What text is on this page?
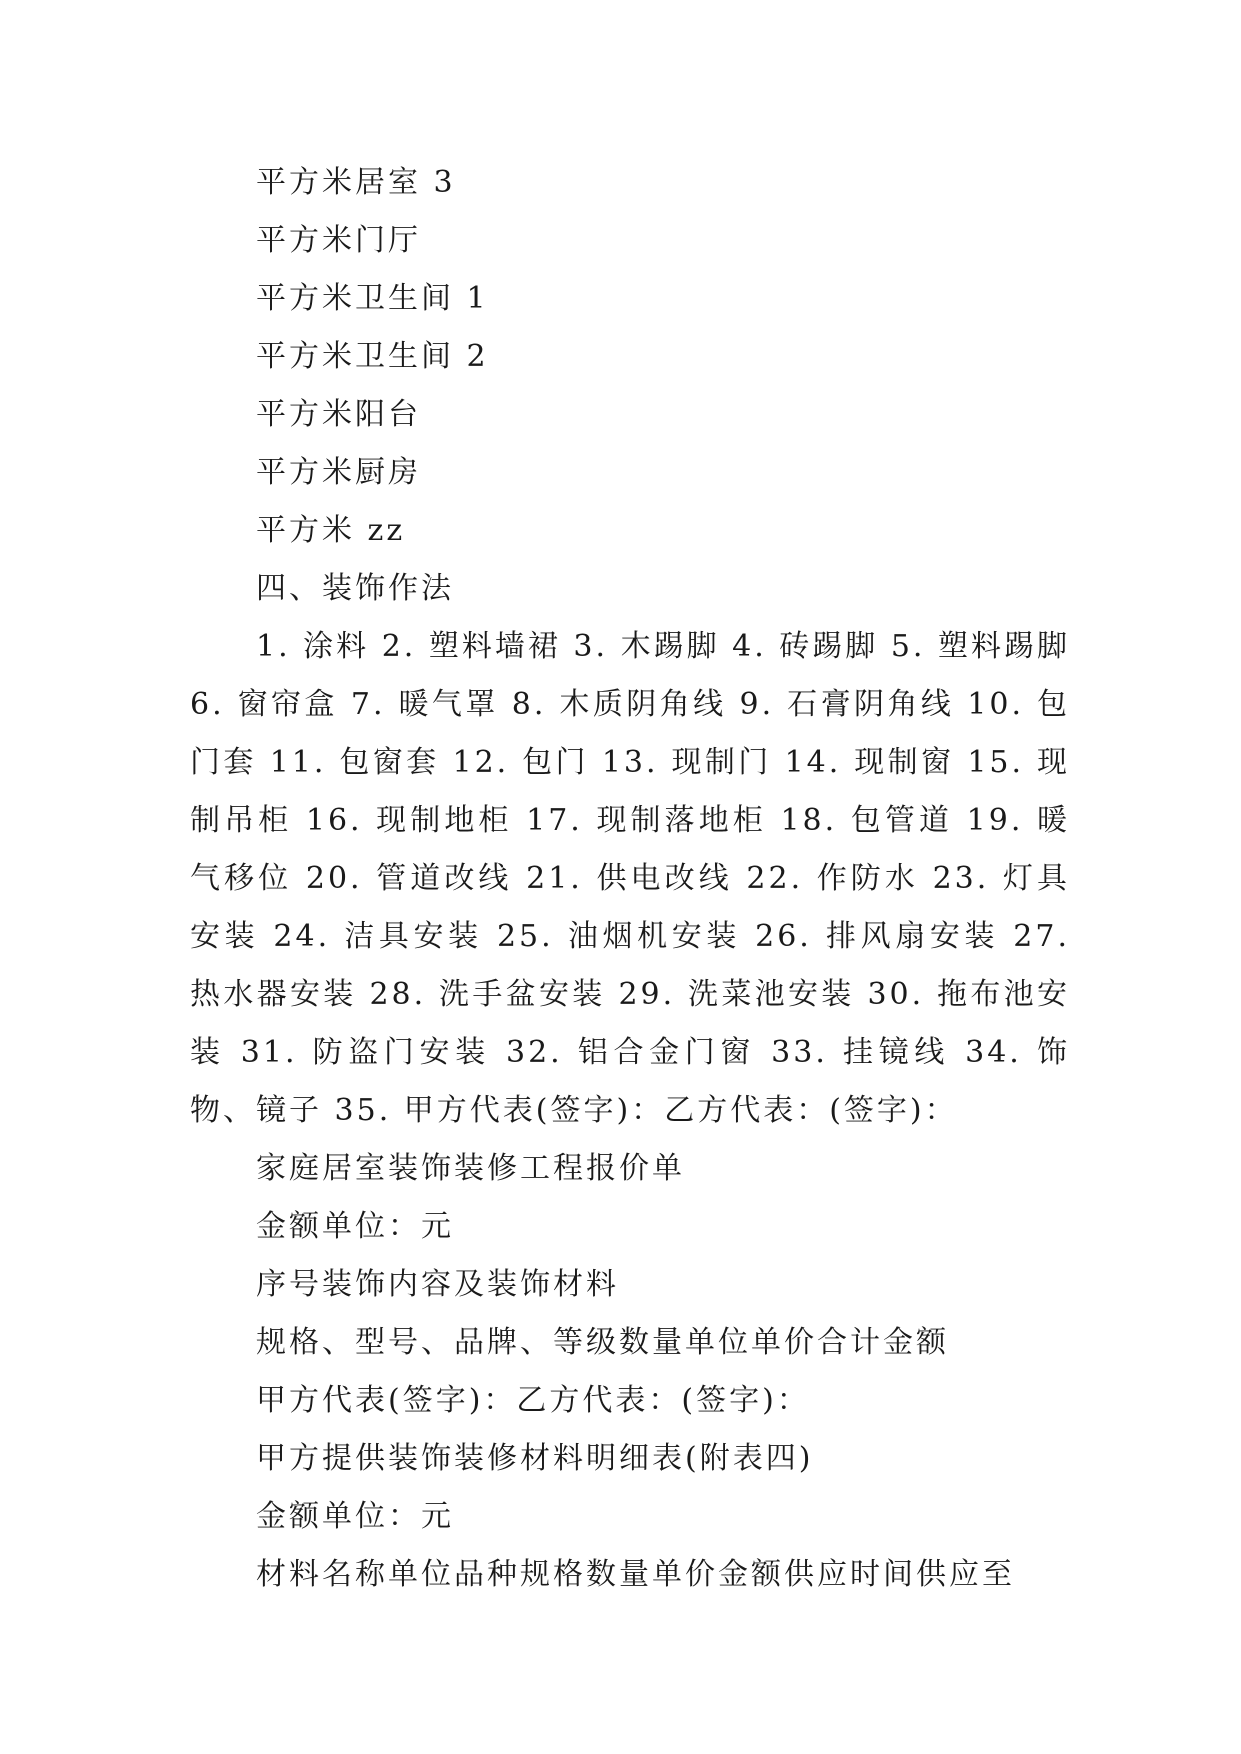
平方米居室 3

平方米门厅

平方米卫生间 1

平方米卫生间 2

平方米阳台

平方米厨房

平方米 zz

四、装饰作法

1. 涂料 2. 塑料墙裙 3. 木踢脚 4. 砖踢脚 5. 塑料踢脚 6. 窗帘盒 7. 暖气罩 8. 木质阴角线 9. 石膏阴角线 10. 包门套 11. 包窗套 12. 包门 13. 现制门 14. 现制窗 15. 现制吊柜 16. 现制地柜 17. 现制落地柜 18. 包管道 19. 暖气移位 20. 管道改线 21. 供电改线 22. 作防水 23. 灯具安装 24. 洁具安装 25. 油烟机安装 26. 排风扇安装 27. 热水器安装 28. 洗手盆安装 29. 洗菜池安装 30. 拖布池安装 31. 防盗门安装 32. 铝合金门窗 33. 挂镜线 34. 饰物、镜子 35. 甲方代表(签字)：乙方代表：(签字)：

家庭居室装饰装修工程报价单

金额单位：元

序号装饰内容及装饰材料

规格、型号、品牌、等级数量单位单价合计金额

甲方代表(签字)：乙方代表：(签字)：

甲方提供装饰装修材料明细表(附表四)

金额单位：元

材料名称单位品种规格数量单价金额供应时间供应至
